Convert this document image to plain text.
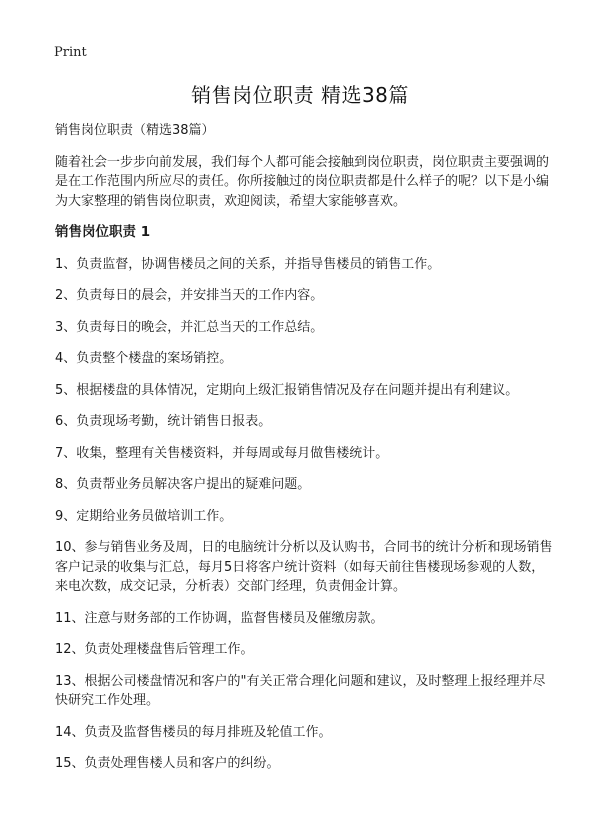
Print
销售岗位职责 精选38篇

销售岗位职责（精选38篇）

随着社会一步步向前发展，我们每个人都可能会接触到岗位职责，岗位职责主要强调的是在工作范围内所应尽的责任。你所接触过的岗位职责都是什么样子的呢？以下是小编为大家整理的销售岗位职责，欢迎阅读，希望大家能够喜欢。

销售岗位职责 1

1、负责监督，协调售楼员之间的关系，并指导售楼员的销售工作。

2、负责每日的晨会，并安排当天的工作内容。

3、负责每日的晚会，并汇总当天的工作总结。

4、负责整个楼盘的案场销控。

5、根据楼盘的具体情况，定期向上级汇报销售情况及存在问题并提出有利建议。

6、负责现场考勤，统计销售日报表。

7、收集，整理有关售楼资料，并每周或每月做售楼统计。

8、负责帮业务员解决客户提出的疑难问题。

9、定期给业务员做培训工作。

10、参与销售业务及周，日的电脑统计分析以及认购书，合同书的统计分析和现场销售客户记录的收集与汇总，每月5日将客户统计资料（如每天前往售楼现场参观的人数，来电次数，成交记录，分析表）交部门经理，负责佣金计算。

11、注意与财务部的工作协调，监督售楼员及催缴房款。

12、负责处理楼盘售后管理工作。

13、根据公司楼盘情况和客户的"有关正常合理化问题和建议，及时整理上报经理并尽快研究工作处理。

14、负责及监督售楼员的每月排班及轮值工作。

15、负责处理售楼人员和客户的纠纷。
